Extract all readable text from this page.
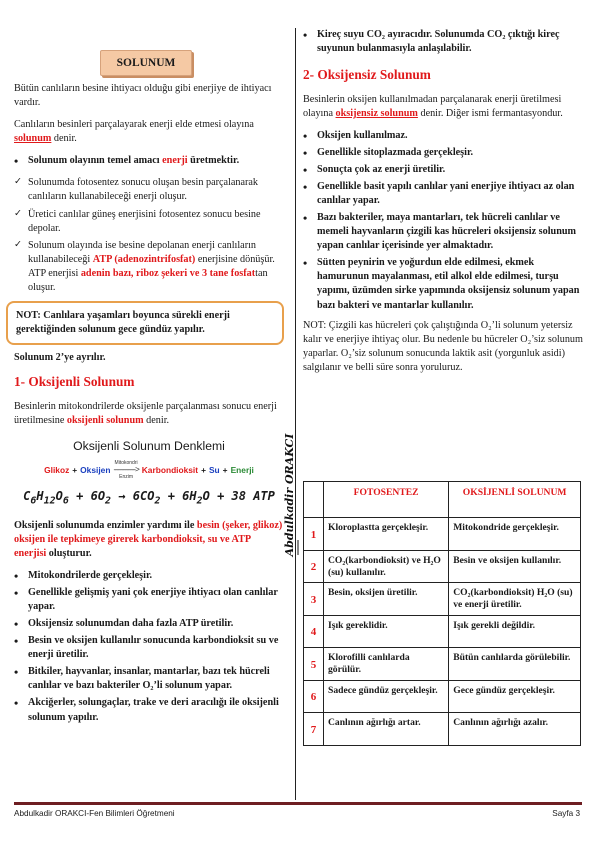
SOLUNUM

Bütün canlıların besine ihtiyacı olduğu gibi enerjiye de ihtiyacı vardır.

Canlıların besinleri parçalayarak enerji elde etmesi olayına solunum denir.

• Solunum olayının temel amacı enerji üretmektir.
✓ Solunumda fotosentez sonucu oluşan besin parçalanarak canlıların kullanabileceği enerji oluşur.
✓ Üretici canlılar güneş enerjisini fotosentez sonucu besine depolar.
✓ Solunum olayında ise besine depolanan enerji canlıların kullanabileceği ATP (adenozintrifosfat) enerjisine dönüşür. ATP enerjisi adenin bazı, riboz şekeri ve 3 tane fosfattan oluşur.
NOT: Canlılara yaşamları boyunca sürekli enerji gerektiğinden solunum gece gündüz yapılır.

Solunum 2’ye ayrılır.

1- Oksijenli Solunum

Besinlerin mitokondrilerde oksijenle parçalanması sonucu enerji üretilmesine oksijenli solunum denir.

Oksijenli Solunum Denklemi
Glikoz + Oksijen
Mitokondri
------------->
Enzim
Karbondioksit + Su + Enerji
$C_6H_{12}O_6 + 6O_2 \to 6CO_2 + 6H_2O + 38$ ATP

Oksijenli solunumda enzimler yardımı ile besin (şeker, glikoz) oksijen ile tepkimeye girerek karbondioksit, su ve ATP enerjisi oluşturur.

• Mitokondrilerde gerçekleşir.
• Genellikle gelişmiş yani çok enerjiye ihtiyacı olan canlılar yapar.
• Oksijensiz solunumdan daha fazla ATP üretilir.
• Besin ve oksijen kullanılır sonucunda karbondioksit su ve enerji üretilir.
• Bitkiler, hayvanlar, insanlar, mantarlar, bazı tek hücreli canlılar ve bazı bakteriler O₂’li solunum yapar.
• Akciğerler, solungaçlar, trake ve deri aracılığı ile oksijenli solunum yapılır.
• Kireç suyu CO₂ ayıracıdır. Solunumda CO₂ çıktığı kireç suyunun bulanmasıyla anlaşılabilir.
2- Oksijensiz Solunum

Besinlerin oksijen kullanılmadan parçalanarak enerji üretilmesi olayına oksijensiz solunum denir. Diğer ismi fermantasyondur.

• Oksijen kullanılmaz.
• Genellikle sitoplazmada gerçekleşir.
• Sonuçta çok az enerji üretilir.
• Genellikle basit yapılı canlılar yani enerjiye ihtiyacı az olan canlılar yapar.
• Bazı bakteriler, maya mantarları, tek hücreli canlılar ve memeli hayvanların çizgili kas hücreleri oksijensiz solunum yapan canlılar içerisinde yer almaktadır.
• Sütten peynirin ve yoğurdun elde edilmesi, ekmek hamurunun mayalanması, etil alkol elde edilmesi, turşu yapımı, üzümden sirke yapımında oksijensiz solunum yapan bazı bakteri ve mantarlar kullanılır.

NOT: Çizgili kas hücreleri çok çalıştığında O₂’li solunum yetersiz kalır ve enerjiye ihtiyaç olur. Bu nedenle bu hücreler O₂’siz solunum yaparlar. O₂’siz solunum sonucunda laktik asit (yorgunluk asidi) salgılanır ve belli süre sonra yoruluruz.

Abdulkadir ORAKCI
		FOTOSENTEZ	OKSİJENLİ SOLUNUM
1	Kloroplastta gerçekleşir.	Mitokondride gerçekleşir.
2	CO₂(karbondioksit) ve H₂O (su) kullanılır.	Besin ve oksijen kullanılır.
3	Besin, oksijen üretilir.	CO₂(karbondioksit) H₂O (su) ve enerji üretilir.
4	Işık gereklidir.	Işık gerekli değildir.
5	Klorofilli canlılarda görülür.	Bütün canlılarda görülebilir.
6	Sadece gündüz gerçekleşir.	Gece gündüz gerçekleşir.
7	Canlının ağırlığı artar.	Canlının ağırlığı azalır.
Abdulkadir ORAKCI-Fen Bilimleri Öğretmeni	Sayfa 3
